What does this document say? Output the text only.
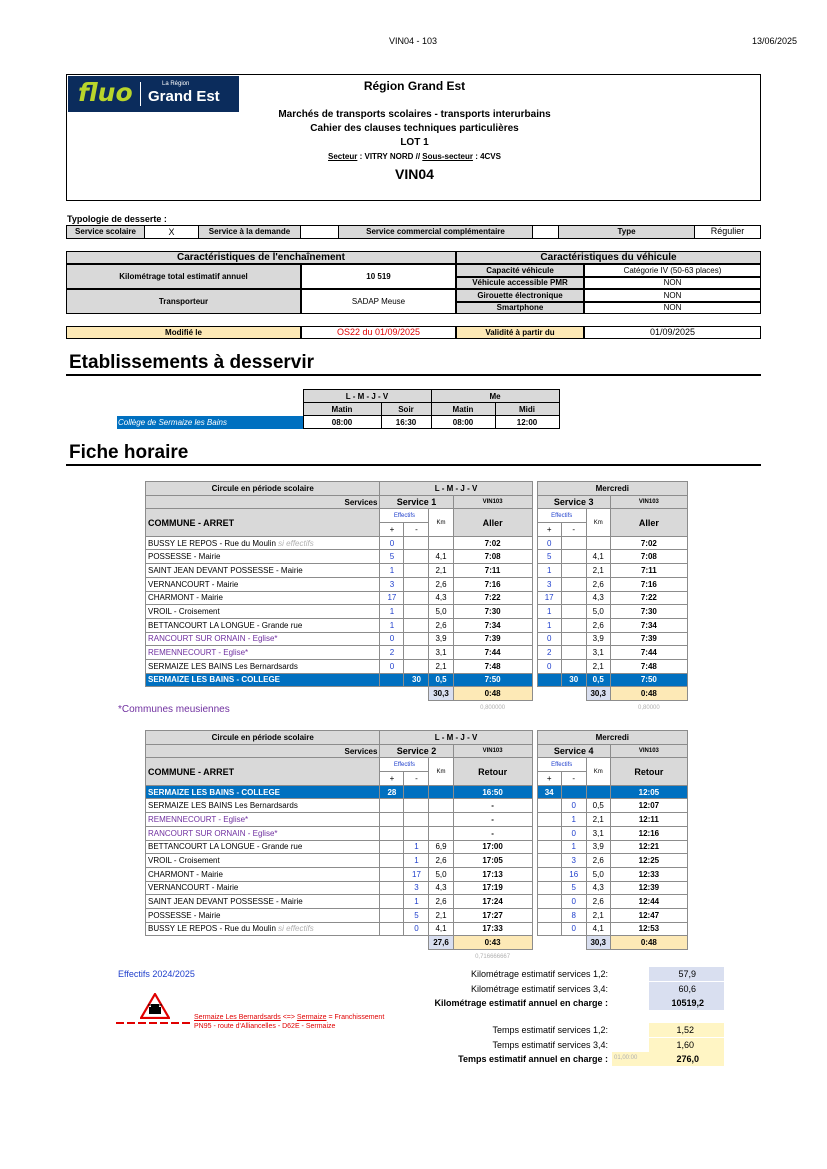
VIN04 - 103	13/06/2025
fluo	La Région
Grand Est
Région Grand Est
Marchés de transports scolaires - transports interurbains
Cahier des clauses techniques particulières
LOT 1
Secteur : VITRY NORD // Sous-secteur : 4CVS
VIN04
Typologie de desserte :
Service scolaire	X	Service à la demande	Service commercial complémentaire	Type	Régulier
Caractéristiques de l'enchaînement	Caractéristiques du véhicule
Kilométrage total estimatif annuel	10 519
Transporteur	SADAP Meuse
Capacité véhicule	Catégorie IV (50-63 places)
Véhicule accessible PMR	NON
Girouette électronique	NON
Smartphone	NON
Modifié le	OS22 du 01/09/2025	Validité à partir du	01/09/2025
Etablissements à desservir
	L - M - J - V		Me	
	Matin	Soir	Matin	Midi
Collège de Sermaize les Bains	08:00	16:30	08:00	12:00
Fiche horaire
Circule en période scolaire	L - M - J - V					Mercredi			
Services	Service 1			VIN103		Service 3			VIN103
COMMUNE - ARRET	Effectifs		Km	Aller		Effectifs		Km	Aller
	+	-				+	-		
BUSSY LE REPOS - Rue du Moulin si effectifs	0			7:02		0			7:02
POSSESSE - Mairie	5		4,1	7:08		5		4,1	7:08
SAINT JEAN DEVANT POSSESSE - Mairie	1		2,1	7:11		1		2,1	7:11
VERNANCOURT - Mairie	3		2,6	7:16		3		2,6	7:16
CHARMONT - Mairie	17		4,3	7:22		17		4,3	7:22
VROIL - Croisement	1		5,0	7:30		1		5,0	7:30
BETTANCOURT LA LONGUE - Grande rue	1		2,6	7:34		1		2,6	7:34
RANCOURT SUR ORNAIN - Eglise*	0		3,9	7:39		0		3,9	7:39
REMENNECOURT - Eglise*	2		3,1	7:44		2		3,1	7:44
SERMAIZE LES BAINS Les Bernardsards	0		2,1	7:48		0		2,1	7:48
SERMAIZE LES BAINS - COLLEGE		30	0,5	7:50			30	0,5	7:50
			30,3	0:48				30,3	0:48
				0,800000					0,80000
*Communes meusiennes
Circule en période scolaire	L - M - J - V					Mercredi			
Services	Service 2			VIN103		Service 4			VIN103
COMMUNE - ARRET	Effectifs		Km	Retour		Effectifs		Km	Retour
	+	-				+	-		
SERMAIZE LES BAINS - COLLEGE	28			16:50		34			12:05
SERMAIZE LES BAINS Les Bernardsards				-			0	0,5	12:07
REMENNECOURT - Eglise*				-			1	2,1	12:11
RANCOURT SUR ORNAIN - Eglise*				-			0	3,1	12:16
BETTANCOURT LA LONGUE - Grande rue		1	6,9	17:00			1	3,9	12:21
VROIL - Croisement		1	2,6	17:05			3	2,6	12:25
CHARMONT - Mairie		17	5,0	17:13			16	5,0	12:33
VERNANCOURT - Mairie		3	4,3	17:19			5	4,3	12:39
SAINT JEAN DEVANT POSSESSE - Mairie		1	2,6	17:24			0	2,6	12:44
POSSESSE - Mairie		5	2,1	17:27			8	2,1	12:47
BUSSY LE REPOS - Rue du Moulin si effectifs		0	4,1	17:33			0	4,1	12:53
			27,6	0:43				30,3	0:48
				0,716666667					
Effectifs 2024/2025	Kilométrage estimatif services 1,2:	57,9
Kilométrage estimatif services 3,4:	60,6
Kilométrage estimatif annuel en charge :	10519,2
Temps estimatif services 1,2:	1,52
Temps estimatif services 3,4:	1,60
Temps estimatif annuel en charge : 01,00:00	276,0
Sermaize Les Bernardsards <=> Sermaize = Franchissement
PN95 - route d'Alliancelles - D62E - Sermaize
